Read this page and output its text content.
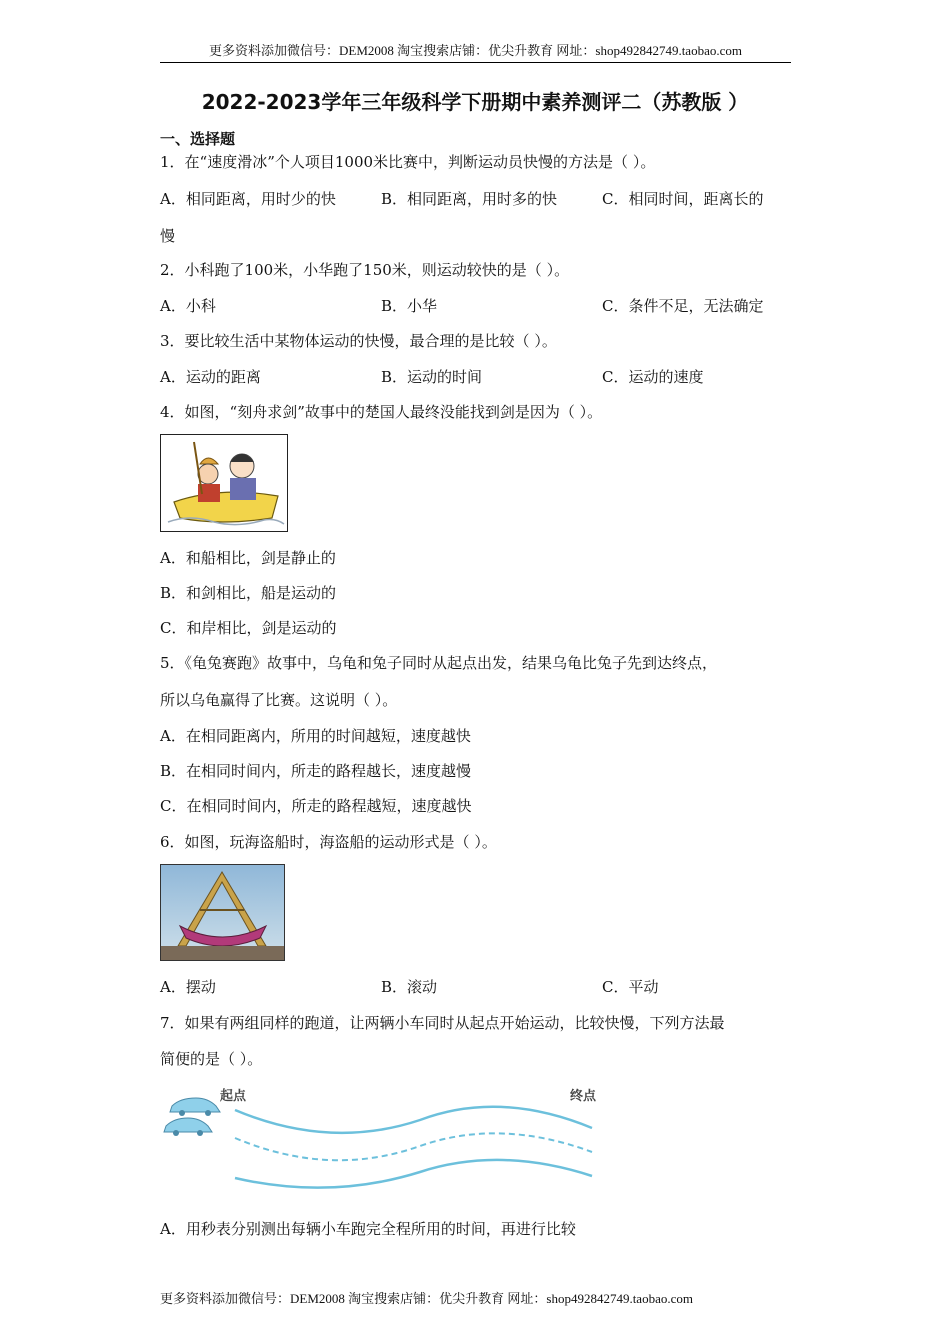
更多资料添加微信号：DEM2008 淘宝搜索店铺：优尖升教育 网址：shop492842749.taobao.com
2022-2023学年三年级科学下册期中素养测评二（苏教版 ）
一、选择题
1．在“速度滑冰”个人项目1000米比赛中，判断运动员快慢的方法是（ ）。
A．相同距离，用时少的快	B．相同距离，用时多的快	C．相同时间，距离长的
慢
2．小科跑了100米，小华跑了150米，则运动较快的是（ ）。
A．小科	B．小华	C．条件不足，无法确定
3．要比较生活中某物体运动的快慢，最合理的是比较（ ）。
A．运动的距离	B．运动的时间	C．运动的速度
4．如图，“刻舟求剑”故事中的楚国人最终没能找到剑是因为（ ）。
A．和船相比，剑是静止的
B．和剑相比，船是运动的
C．和岸相比，剑是运动的
5．《龟兔赛跑》故事中，乌龟和兔子同时从起点出发，结果乌龟比兔子先到达终点，
所以乌龟赢得了比赛。这说明（ ）。
A．在相同距离内，所用的时间越短，速度越快
B．在相同时间内，所走的路程越长，速度越慢
C．在相同时间内，所走的路程越短，速度越快
6．如图，玩海盗船时，海盗船的运动形式是（ ）。
A．摆动	B．滚动	C．平动
7．如果有两组同样的跑道，让两辆小车同时从起点开始运动，比较快慢，下列方法最
简便的是（ ）。
起点	终点
A．用秒表分别测出每辆小车跑完全程所用的时间，再进行比较
更多资料添加微信号：DEM2008 淘宝搜索店铺：优尖升教育 网址：shop492842749.taobao.com
